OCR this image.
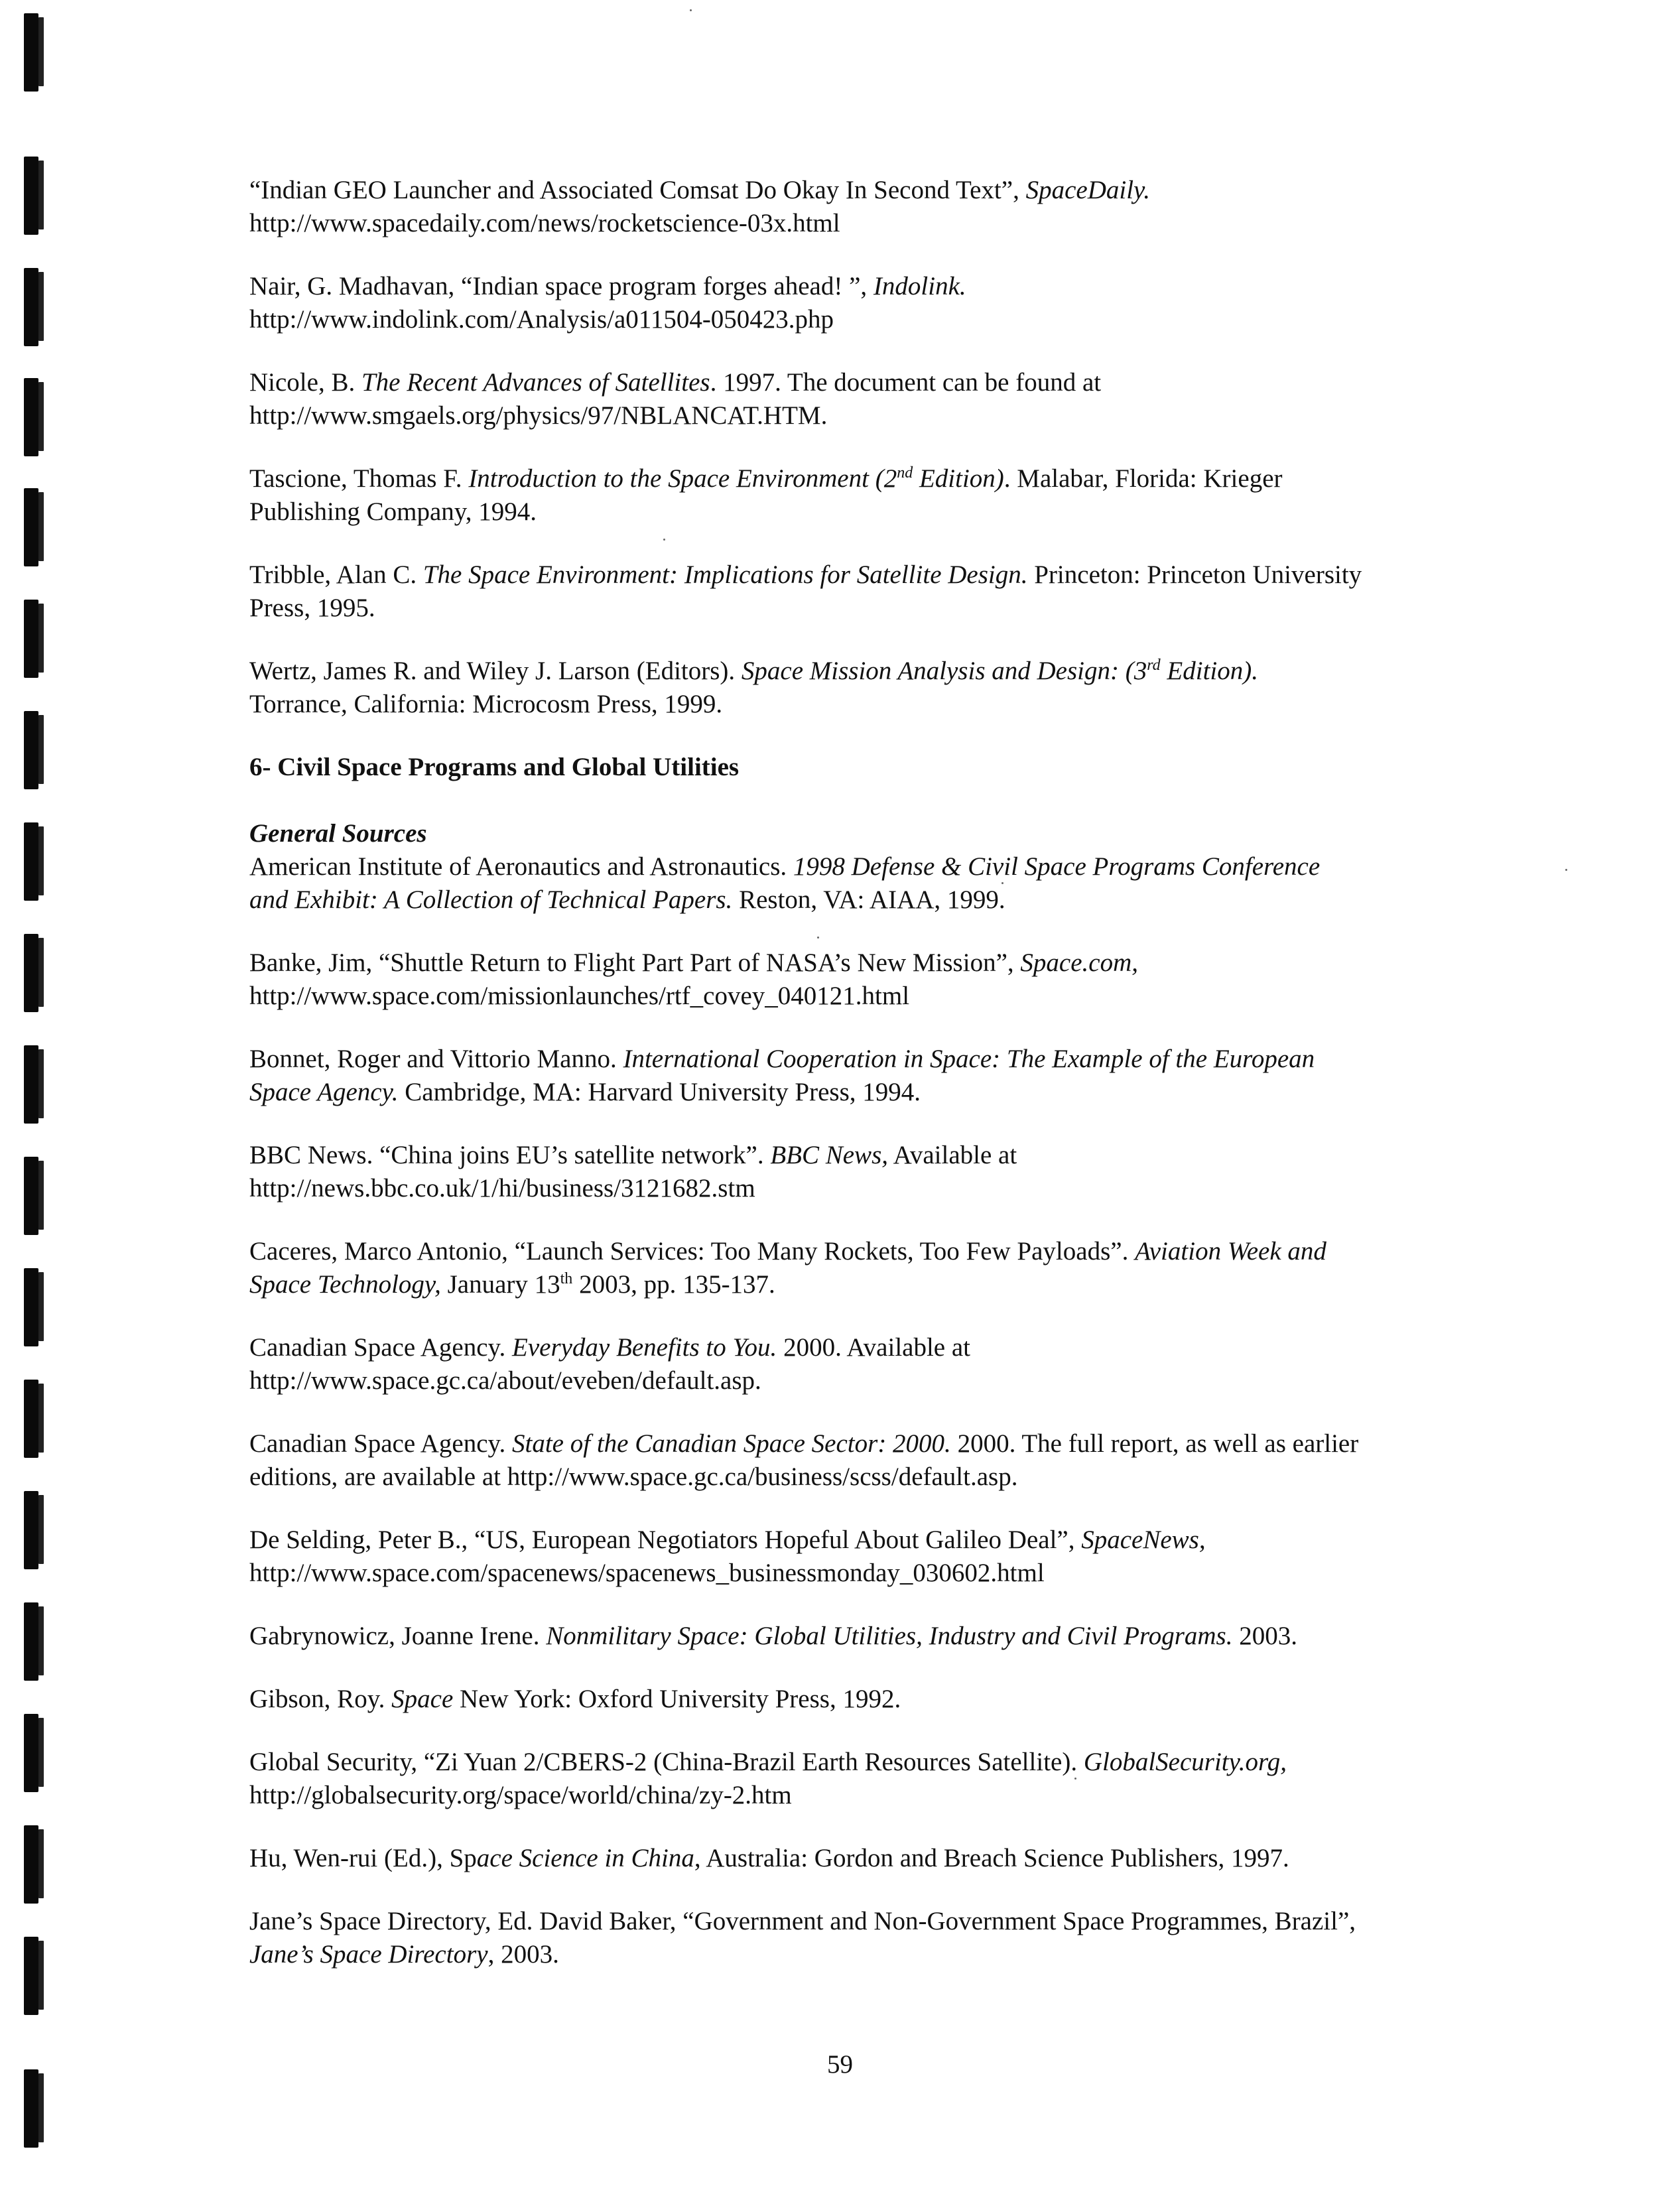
“Indian GEO Launcher and Associated Comsat Do Okay In Second Text”, SpaceDaily.
http://www.spacedaily.com/news/rocketscience-03x.html
Nair, G. Madhavan, “Indian space program forges ahead! ”, Indolink.
http://www.indolink.com/Analysis/a011504-050423.php
Nicole, B. The Recent Advances of Satellites. 1997. The document can be found at
http://www.smgaels.org/physics/97/NBLANCAT.HTM.
Tascione, Thomas F. Introduction to the Space Environment (2nd Edition). Malabar, Florida: Krieger
Publishing Company, 1994.
Tribble, Alan C. The Space Environment: Implications for Satellite Design. Princeton: Princeton University
Press, 1995.
Wertz, James R. and Wiley J. Larson (Editors). Space Mission Analysis and Design: (3rd Edition).
Torrance, California: Microcosm Press, 1999.
6- Civil Space Programs and Global Utilities
General Sources
American Institute of Aeronautics and Astronautics. 1998 Defense & Civil Space Programs Conference
and Exhibit: A Collection of Technical Papers. Reston, VA: AIAA, 1999.
Banke, Jim, “Shuttle Return to Flight Part Part of NASA’s New Mission”, Space.com,
http://www.space.com/missionlaunches/rtf_covey_040121.html
Bonnet, Roger and Vittorio Manno. International Cooperation in Space: The Example of the European
Space Agency. Cambridge, MA: Harvard University Press, 1994.
BBC News. “China joins EU’s satellite network”. BBC News, Available at
http://news.bbc.co.uk/1/hi/business/3121682.stm
Caceres, Marco Antonio, “Launch Services: Too Many Rockets, Too Few Payloads”. Aviation Week and
Space Technology, January 13th 2003, pp. 135-137.
Canadian Space Agency. Everyday Benefits to You. 2000. Available at
http://www.space.gc.ca/about/eveben/default.asp.
Canadian Space Agency. State of the Canadian Space Sector: 2000. 2000. The full report, as well as earlier
editions, are available at http://www.space.gc.ca/business/scss/default.asp.
De Selding, Peter B., “US, European Negotiators Hopeful About Galileo Deal”, SpaceNews,
http://www.space.com/spacenews/spacenews_businessmonday_030602.html
Gabrynowicz, Joanne Irene. Nonmilitary Space: Global Utilities, Industry and Civil Programs. 2003.
Gibson, Roy. Space New York: Oxford University Press, 1992.
Global Security, “Zi Yuan 2/CBERS-2 (China-Brazil Earth Resources Satellite). GlobalSecurity.org,
http://globalsecurity.org/space/world/china/zy-2.htm
Hu, Wen-rui (Ed.), Space Science in China, Australia: Gordon and Breach Science Publishers, 1997.
Jane’s Space Directory, Ed. David Baker, “Government and Non-Government Space Programmes, Brazil”,
Jane’s Space Directory, 2003.
59
